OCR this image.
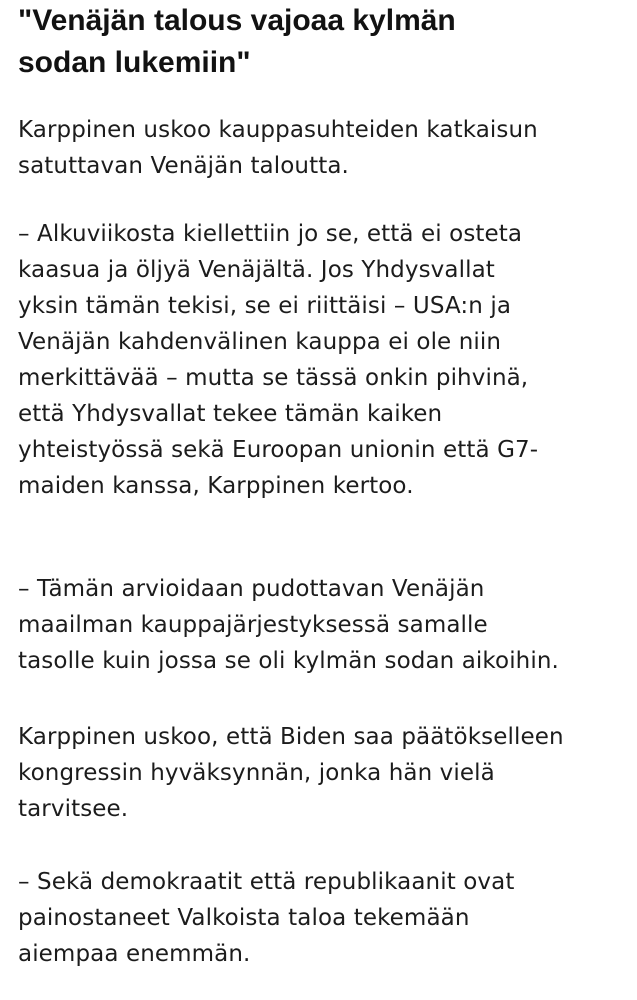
"Venäjän talous vajoaa kylmän
sodan lukemiin"

Karppinen uskoo kauppasuhteiden katkaisun
satuttavan Venäjän taloutta.

– Alkuviikosta kiellettiin jo se, että ei osteta
kaasua ja öljyä Venäjältä. Jos Yhdysvallat
yksin tämän tekisi, se ei riittäisi – USA:n ja
Venäjän kahdenvälinen kauppa ei ole niin
merkittävää – mutta se tässä onkin pihvinä,
että Yhdysvallat tekee tämän kaiken
yhteistyössä sekä Euroopan unionin että G7-
maiden kanssa, Karppinen kertoo.

– Tämän arvioidaan pudottavan Venäjän
maailman kauppajärjestyksessä samalle
tasolle kuin jossa se oli kylmän sodan aikoihin.

Karppinen uskoo, että Biden saa päätökselleen
kongressin hyväksynnän, jonka hän vielä
tarvitsee.

– Sekä demokraatit että republikaanit ovat
painostaneet Valkoista taloa tekemään
aiempaa enemmän.
